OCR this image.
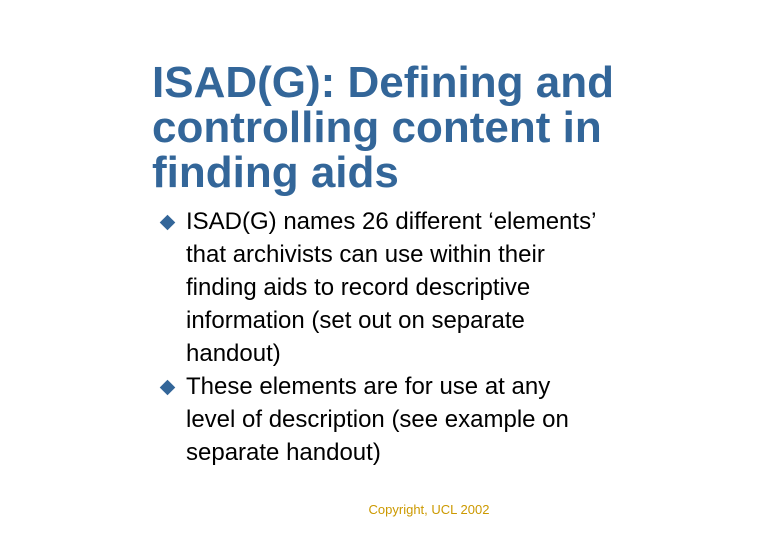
ISAD(G): Defining and
controlling content in
finding aids
ISAD(G) names 26 different ‘elements’
that archivists can use within their
finding aids to record descriptive
information (set out on separate
handout)
These elements are for use at any
level of description (see example on
separate handout)
Copyright, UCL 2002
